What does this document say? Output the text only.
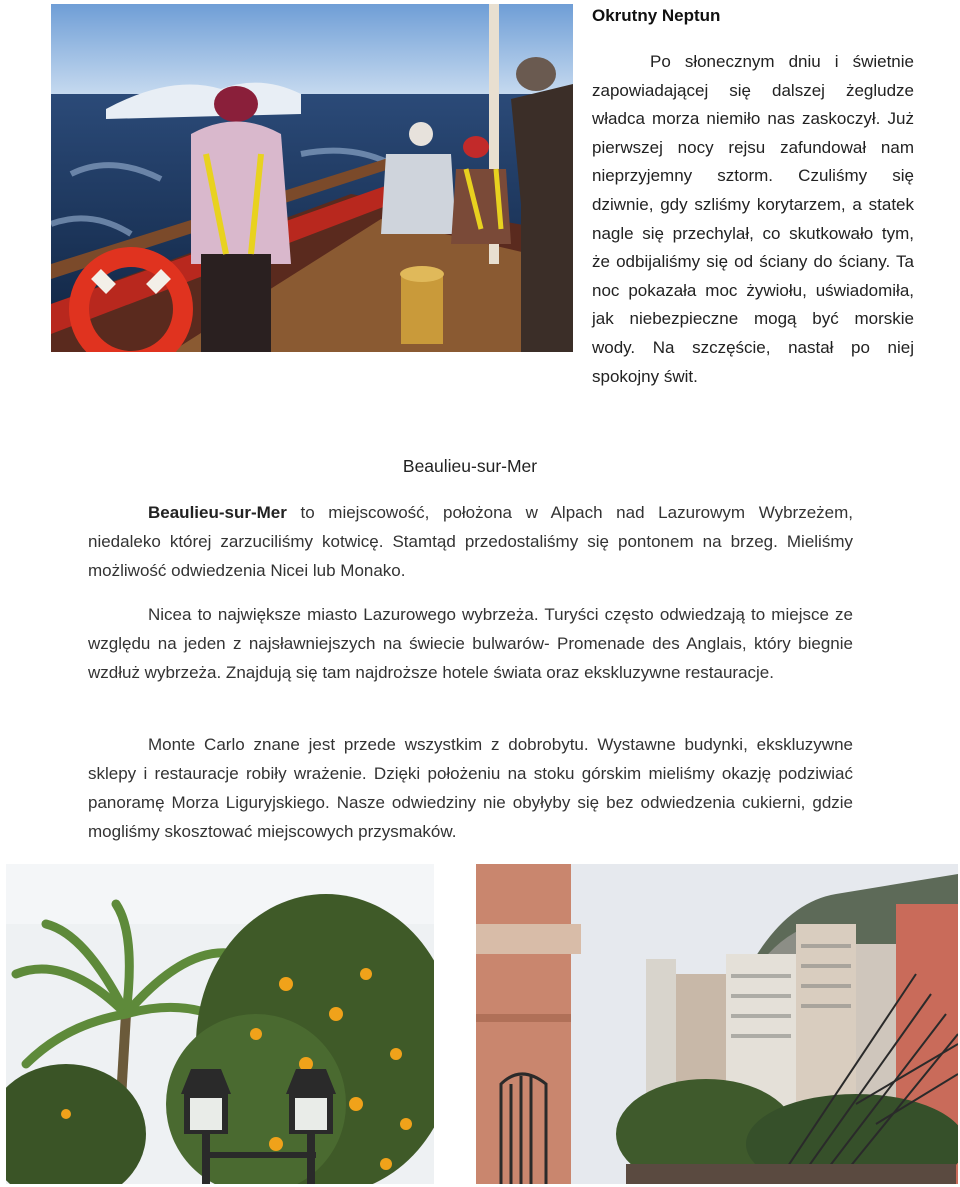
Okrutny Neptun

Po słonecznym dniu i świetnie zapowiadającej się dalszej żegludze władca morza niemiło nas zaskoczył. Już pierwszej nocy rejsu zafundował nam nieprzyjemny sztorm. Czuliśmy się dziwnie, gdy szliśmy korytarzem, a statek nagle się przechylał, co skutkowało tym, że odbijaliśmy się od ściany do ściany. Ta noc pokazała moc żywiołu, uświadomiła, jak niebezpieczne mogą być morskie wody. Na szczęście, nastał po niej spokojny świt.

Beaulieu-sur-Mer

Beaulieu-sur-Mer to miejscowość, położona w Alpach nad Lazurowym Wybrzeżem, niedaleko której zarzuciliśmy kotwicę. Stamtąd przedostaliśmy się pontonem na brzeg. Mieliśmy możliwość odwiedzenia Nicei lub Monako.

Nicea to największe miasto Lazurowego wybrzeża. Turyści często odwiedzają to miejsce ze względu na jeden z najsławniejszych na świecie bulwarów- Promenade des Anglais, który biegnie wzdłuż wybrzeża. Znajdują się tam najdroższe hotele świata oraz ekskluzywne restauracje.

Monte Carlo znane jest przede wszystkim z dobrobytu. Wystawne budynki, ekskluzywne sklepy i restauracje robiły wrażenie. Dzięki położeniu na stoku górskim mieliśmy okazję podziwiać panoramę Morza Liguryjskiego. Nasze odwiedziny nie obyłyby się bez odwiedzenia cukierni, gdzie mogliśmy skosztować miejscowych przysmaków.
